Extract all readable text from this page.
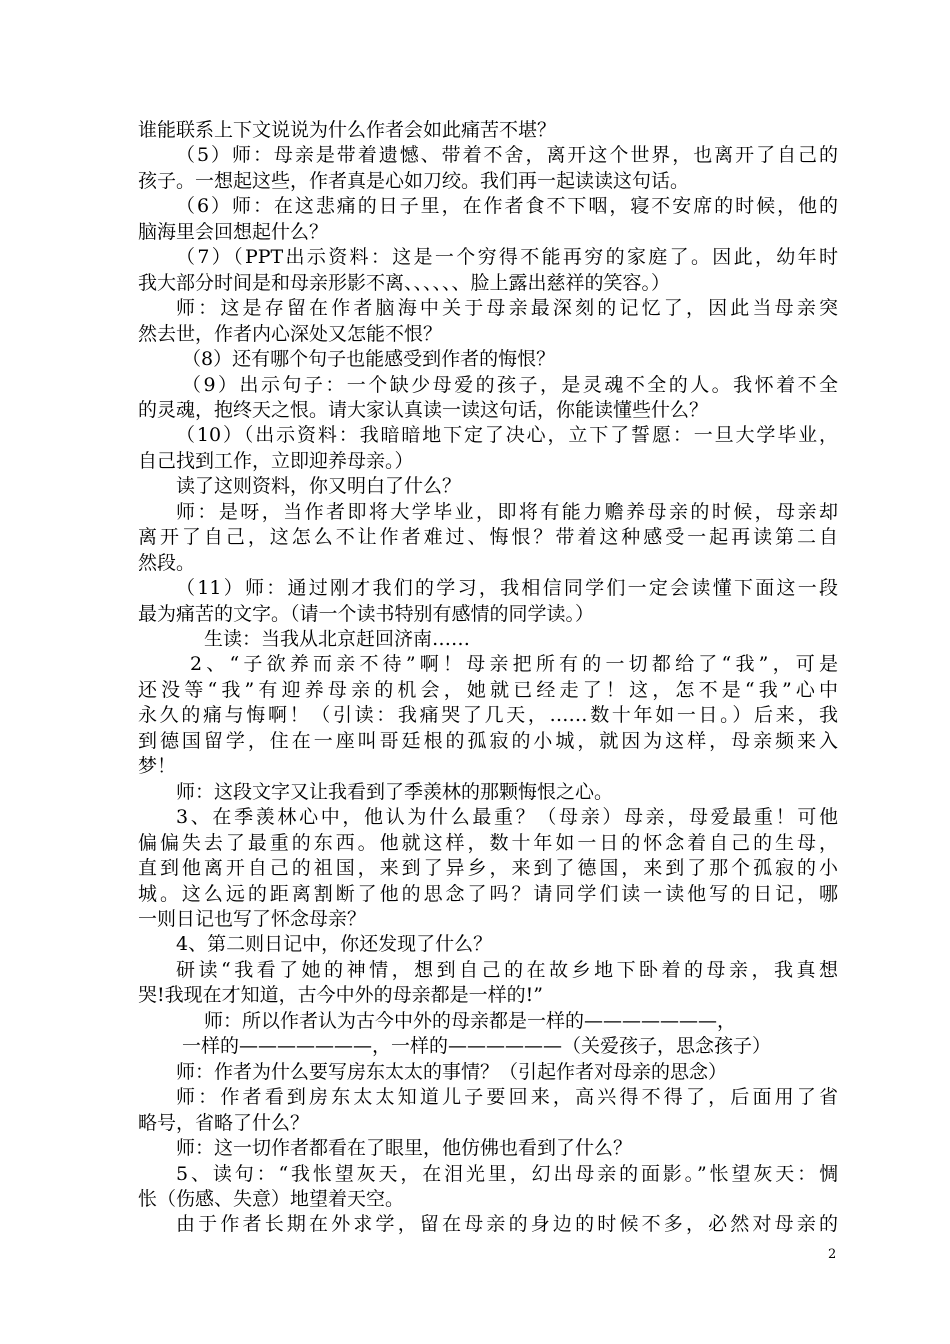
谁能联系上下文说说为什么作者会如此痛苦不堪？
（5）师：母亲是带着遗憾、带着不舍，离开这个世界，也离开了自己的
孩子。一想起这些，作者真是心如刀绞。我们再一起读读这句话。
（6）师：在这悲痛的日子里，在作者食不下咽，寝不安席的时候，他的
脑海里会回想起什么？
（7）（PPT出示资料：这是一个穷得不能再穷的家庭了。因此，幼年时
我大部分时间是和母亲形影不离、、、、、、脸上露出慈祥的笑容。）
师：这是存留在作者脑海中关于母亲最深刻的记忆了，因此当母亲突
然去世，作者内心深处又怎能不恨？
（8）还有哪个句子也能感受到作者的悔恨？
（9）出示句子：一个缺少母爱的孩子，是灵魂不全的人。我怀着不全
的灵魂，抱终天之恨。请大家认真读一读这句话，你能读懂些什么？
（10）（出示资料：我暗暗地下定了决心，立下了誓愿：一旦大学毕业，
自己找到工作，立即迎养母亲。）
读了这则资料，你又明白了什么？
师：是呀，当作者即将大学毕业，即将有能力赡养母亲的时候，母亲却
离开了自己，这怎么不让作者难过、悔恨？带着这种感受一起再读第二自
然段。
（11）师：通过刚才我们的学习，我相信同学们一定会读懂下面这一段
最为痛苦的文字。（请一个读书特别有感情的同学读。）
生读：当我从北京赶回济南……
2、“子欲养而亲不待”啊！母亲把所有的一切都给了“我”，可是
还没等“我”有迎养母亲的机会，她就已经走了！这，怎不是“我”心中
永久的痛与悔啊！（引读：我痛哭了几天，……数十年如一日。）后来，我
到德国留学，住在一座叫哥廷根的孤寂的小城，就因为这样，母亲频来入
梦！
师：这段文字又让我看到了季羡林的那颗悔恨之心。
3、在季羡林心中，他认为什么最重？（母亲）母亲，母爱最重！可他
偏偏失去了最重的东西。他就这样，数十年如一日的怀念着自己的生母，
直到他离开自己的祖国，来到了异乡，来到了德国，来到了那个孤寂的小
城。这么远的距离割断了他的思念了吗？请同学们读一读他写的日记，哪
一则日记也写了怀念母亲？
4、第二则日记中，你还发现了什么？
研读“我看了她的神情，想到自己的在故乡地下卧着的母亲，我真想
哭!我现在才知道，古今中外的母亲都是一样的!”
师：所以作者认为古今中外的母亲都是一样的———————，
一样的———————，一样的——————（关爱孩子，思念孩子）
师：作者为什么要写房东太太的事情？（引起作者对母亲的思念）
师：作者看到房东太太知道儿子要回来，高兴得不得了，后面用了省
略号，省略了什么？
师：这一切作者都看在了眼里，他仿佛也看到了什么？
5、读句：“我怅望灰天，在泪光里，幻出母亲的面影。”怅望灰天：惆
怅（伤感、失意）地望着天空。
由于作者长期在外求学，留在母亲的身边的时候不多，必然对母亲的
2
